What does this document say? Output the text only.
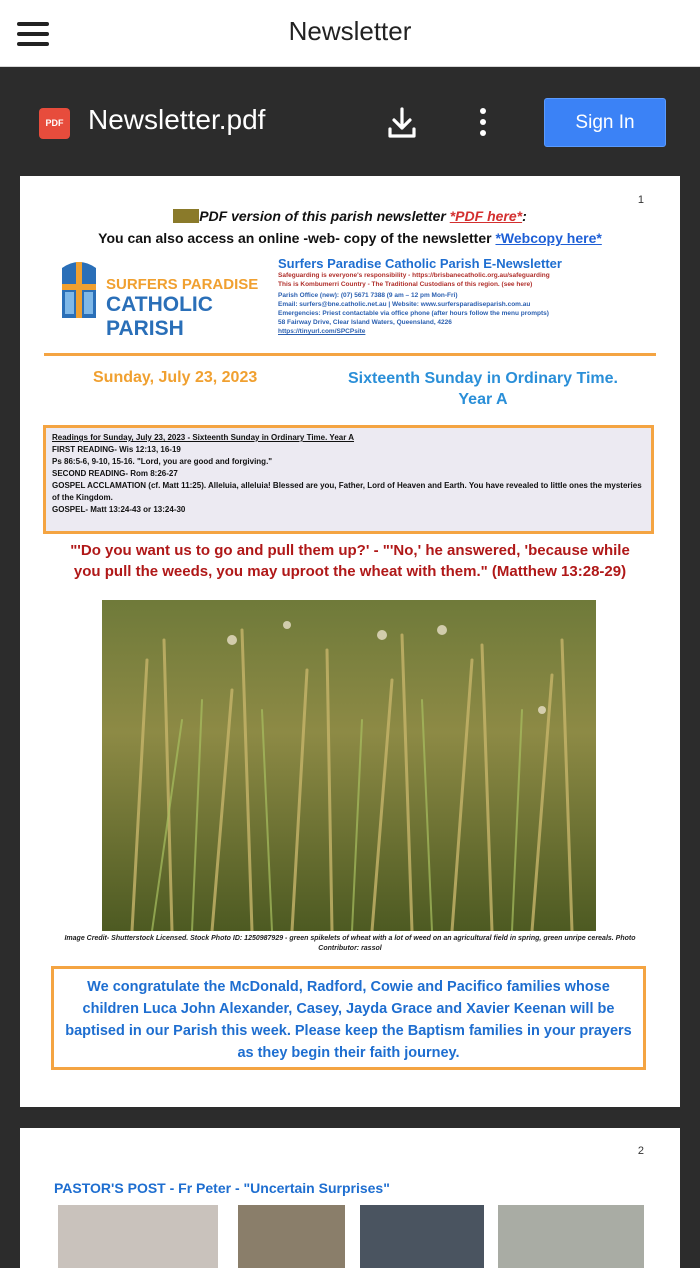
Newsletter
PDF Newsletter.pdf	Sign In
1
PDF version of this parish newsletter *PDF here*:
You can also access an online -web- copy of the newsletter *Webcopy here*
SURFERS PARADISE
CATHOLIC PARISH
Surfers Paradise Catholic Parish E-Newsletter
Safeguarding is everyone's responsibility - https://brisbanecatholic.org.au/safeguarding
This is Kombumerri Country - The Traditional Custodians of this region. (see here)
Parish Office (new): (07) 5671 7388 (9 am – 12 pm Mon-Fri)
Email: surfers@bne.catholic.net.au | Website: www.surfersparadiseparish.com.au
Emergencies: Priest contactable via office phone (after hours follow the menu prompts)
58 Fairway Drive, Clear Island Waters, Queensland, 4226
https://tinyurl.com/SPCPsite
Sunday, July 23, 2023	Sixteenth Sunday in Ordinary Time. Year A
Readings for Sunday, July 23, 2023 - Sixteenth Sunday in Ordinary Time. Year A
FIRST READING- Wis 12:13, 16-19
Ps 86:5-6, 9-10, 15-16. "Lord, you are good and forgiving."
SECOND READING- Rom 8:26-27
GOSPEL ACCLAMATION (cf. Matt 11:25). Alleluia, alleluia! Blessed are you, Father, Lord of Heaven and Earth. You have revealed to little ones the mysteries of the Kingdom.
GOSPEL- Matt 13:24-43 or 13:24-30
"'Do you want us to go and pull them up?' - "'No,' he answered, 'because while you pull the weeds, you may uproot the wheat with them." (Matthew 13:28-29)
Image Credit- Shutterstock Licensed. Stock Photo ID: 1250987929 - green spikelets of wheat with a lot of weed on an agricultural field in spring, green unripe cereals. Photo Contributor: rassol
We congratulate the McDonald, Radford, Cowie and Pacifico families whose children Luca John Alexander, Casey, Jayda Grace and Xavier Keenan will be baptised in our Parish this week. Please keep the Baptism families in your prayers as they begin their faith journey.
2
PASTOR'S POST - Fr Peter - "Uncertain Surprises"
